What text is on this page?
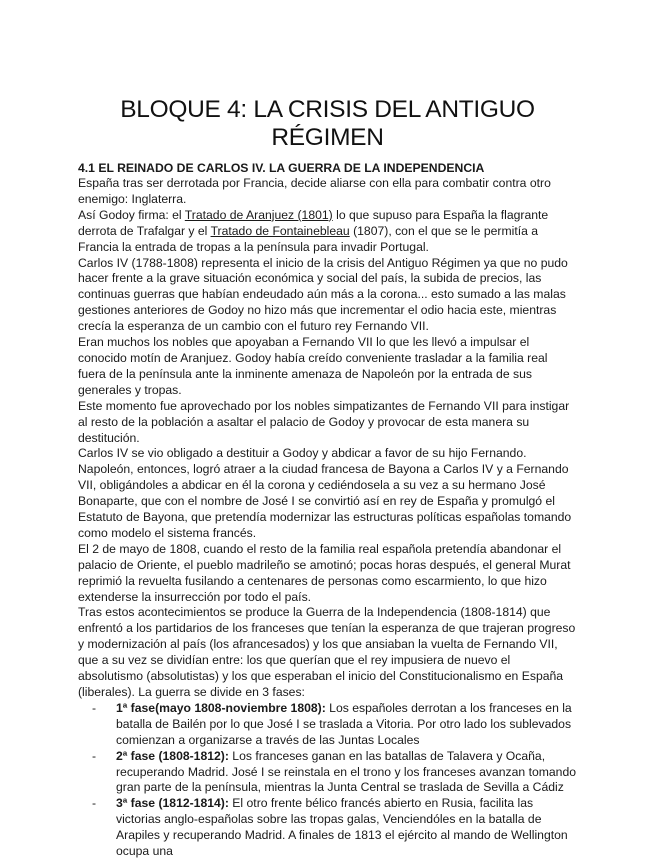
BLOQUE 4: LA CRISIS DEL ANTIGUO RÉGIMEN
4.1 EL REINADO DE CARLOS IV. LA GUERRA DE LA INDEPENDENCIA

España tras ser derrotada por Francia, decide aliarse con ella para combatir contra otro enemigo: Inglaterra.

Así Godoy firma: el Tratado de Aranjuez (1801) lo que supuso para España la flagrante derrota de Trafalgar y el Tratado de Fontainebleau (1807), con el que se le permitía a Francia la entrada de tropas a la península para invadir Portugal.

Carlos IV (1788-1808) representa el inicio de la crisis del Antiguo Régimen ya que no pudo hacer frente a la grave situación económica y social del país, la subida de precios, las continuas guerras que habían endeudado aún más a la corona... esto sumado a las malas gestiones anteriores de Godoy no hizo más que incrementar el odio hacia este, mientras crecía la esperanza de un cambio con el futuro rey Fernando VII.

Eran muchos los nobles que apoyaban a Fernando VII lo que les llevó a impulsar el conocido motín de Aranjuez. Godoy había creído conveniente trasladar a la familia real fuera de la península ante la inminente amenaza de Napoleón por la entrada de sus generales y tropas.

Este momento fue aprovechado por los nobles simpatizantes de Fernando VII para instigar al resto de la población a asaltar el palacio de Godoy y provocar de esta manera su destitución.

Carlos IV se vio obligado a destituir a Godoy y abdicar a favor de su hijo Fernando. Napoleón, entonces, logró atraer a la ciudad francesa de Bayona a Carlos IV y a Fernando VII, obligándoles a abdicar en él la corona y cediéndosela a su vez a su hermano José Bonaparte, que con el nombre de José I se convirtió así en rey de España y promulgó el Estatuto de Bayona, que pretendía modernizar las estructuras políticas españolas tomando como modelo el sistema francés.

El 2 de mayo de 1808, cuando el resto de la familia real española pretendía abandonar el palacio de Oriente, el pueblo madrileño se amotinó; pocas horas después, el general Murat reprimió la revuelta fusilando a centenares de personas como escarmiento, lo que hizo extenderse la insurrección por todo el país.

Tras estos acontecimientos se produce la Guerra de la Independencia (1808-1814) que enfrentó a los partidarios de los franceses que tenían la esperanza de que trajeran progreso y modernización al país (los afrancesados) y los que ansiaban la vuelta de Fernando VII, que a su vez se dividían entre: los que querían que el rey impusiera de nuevo el absolutismo (absolutistas) y los que esperaban el inicio del Constitucionalismo en España (liberales). La guerra se divide en 3 fases:

- 1ª fase(mayo 1808-noviembre 1808): Los españoles derrotan a los franceses en la batalla de Bailén por lo que José I se traslada a Vitoria. Por otro lado los sublevados comienzan a organizarse a través de las Juntas Locales
- 2ª fase (1808-1812): Los franceses ganan en las batallas de Talavera y Ocaña, recuperando Madrid. José I se reinstala en el trono y los franceses avanzan tomando gran parte de la península, mientras la Junta Central se traslada de Sevilla a Cádiz
- 3ª fase (1812-1814): El otro frente bélico francés abierto en Rusia, facilita las victorias anglo-españolas sobre las tropas galas, Venciendóles en la batalla de Arapiles y recuperando Madrid. A finales de 1813 el ejército al mando de Wellington ocupa una
